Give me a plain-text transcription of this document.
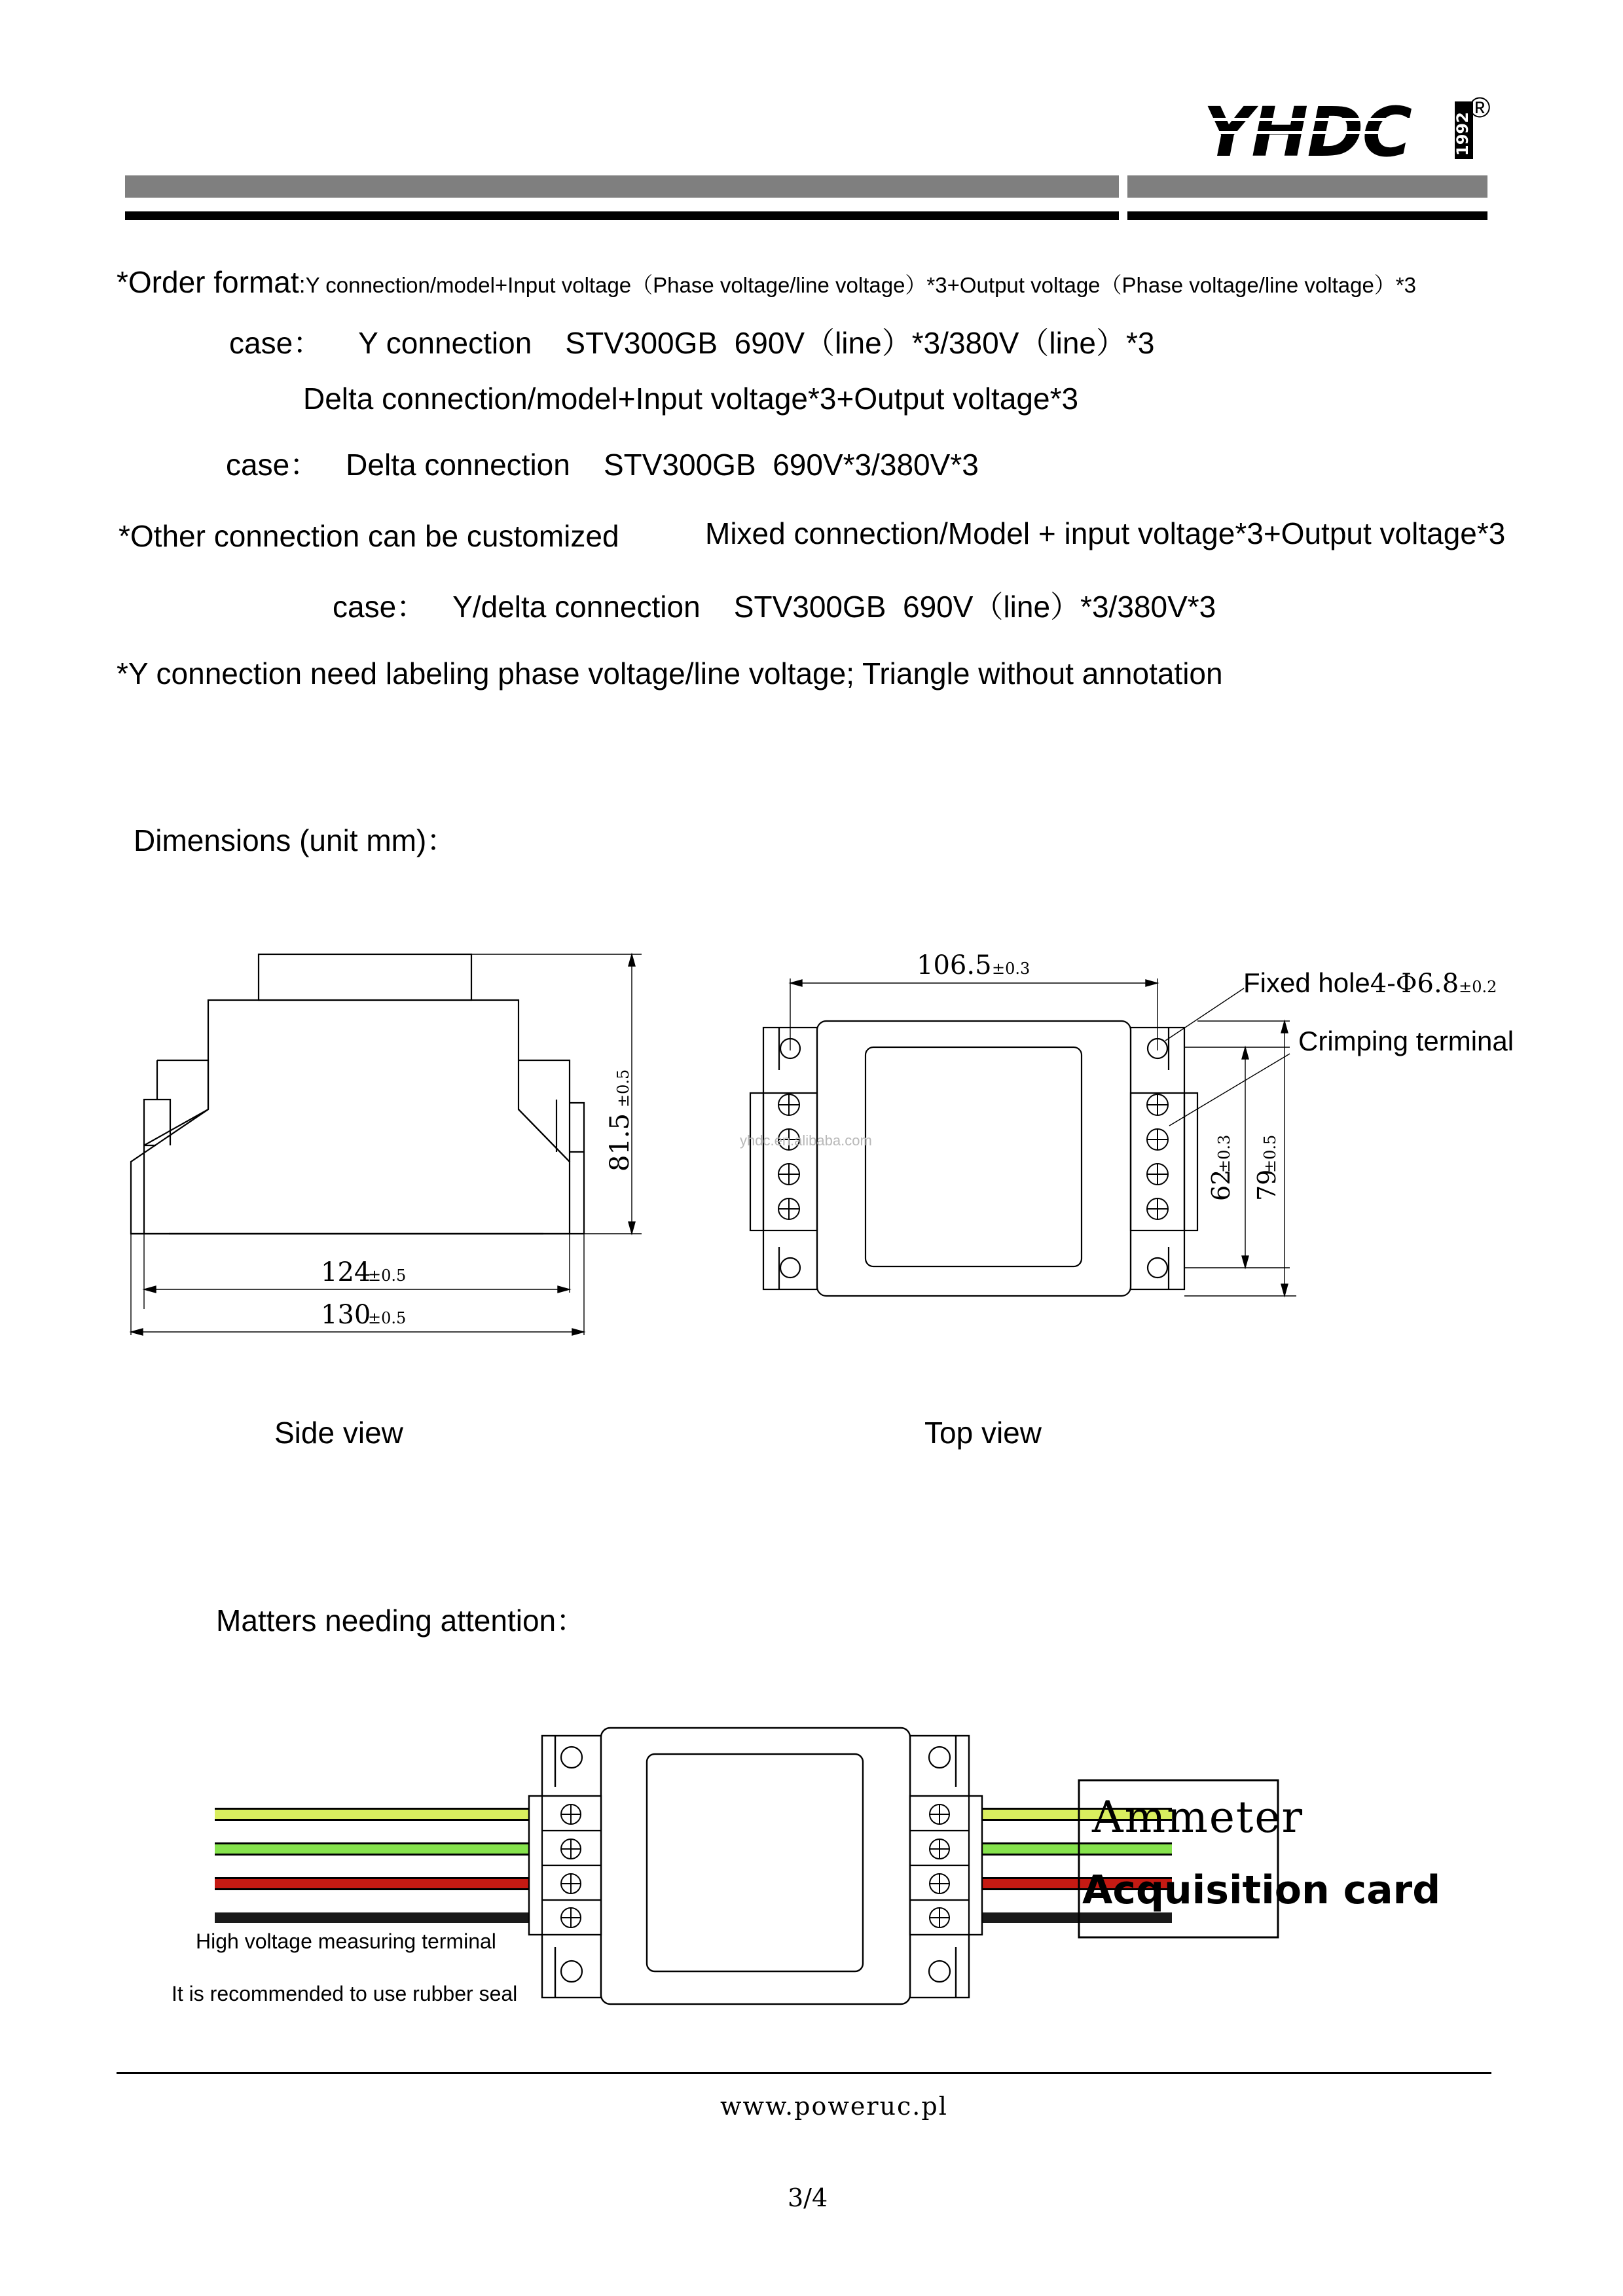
1992
®
*Order format:Y connection/model+Input voltage（Phase voltage/line voltage）*3+Output voltage（Phase voltage/line voltage）*3
case： Y connection    STV300GB  690V（line）*3/380V（line）*3
Delta connection/model+Input voltage*3+Output voltage*3
case： Delta connection    STV300GB  690V*3/380V*3
*Other connection can be customized	Mixed connection/Model + input voltage*3+Output voltage*3
case： Y/delta connection    STV300GB  690V（line）*3/380V*3
*Y connection need labeling phase voltage/line voltage; Triangle without annotation
Dimensions (unit mm)：
81.5
±0.5
124
±0.5
130
±0.5
106.5 ±0.3
yhdc.en.alibaba.com
62
±0.3
79
±0.5
Fixed hole4-Φ6.8±0.2
Crimping terminal
Side view	Top view
Matters needing attention：
Ammeter
Acquisition card
High voltage measuring terminal
It is recommended to use rubber seal
www.poweruc.pl
3/4
